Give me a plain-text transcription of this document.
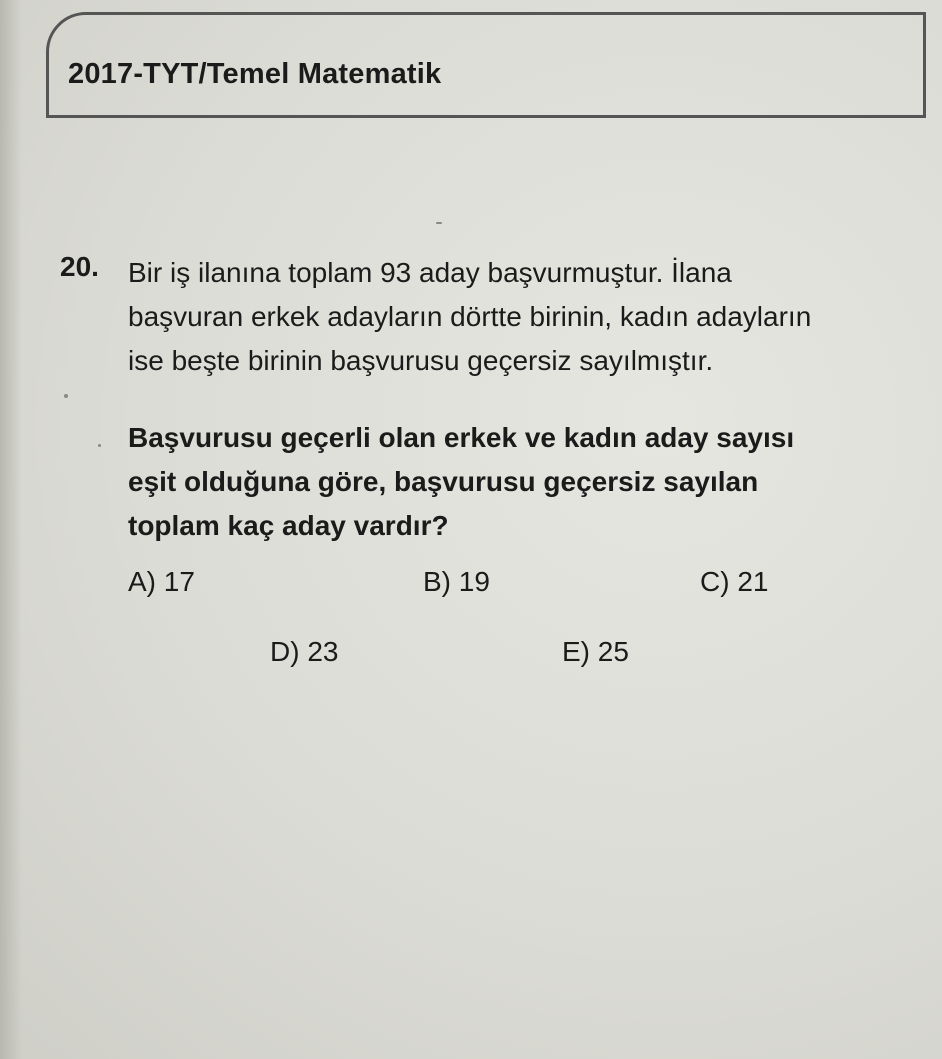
2017-TYT/Temel Matematik
20. Bir iş ilanına toplam 93 aday başvurmuştur. İlana
başvuran erkek adayların dörtte birinin, kadın adayların
ise beşte birinin başvurusu geçersiz sayılmıştır.
Başvurusu geçerli olan erkek ve kadın aday sayısı
eşit olduğuna göre, başvurusu geçersiz sayılan
toplam kaç aday vardır?
A) 17	B) 19	C) 21
D) 23	E) 25
